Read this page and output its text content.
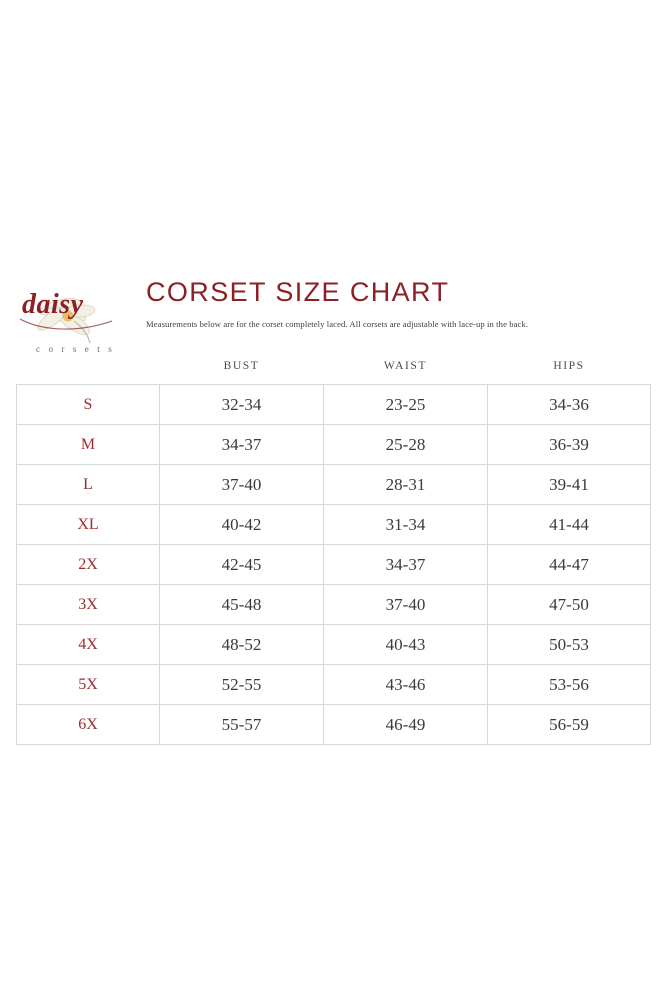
daisy
c o r s e t s
CORSET SIZE CHART
Measurements below are for the corset completely laced. All corsets are adjustable with lace-up in the back.
	BUST	WAIST	HIPS
S	32-34	23-25	34-36
M	34-37	25-28	36-39
L	37-40	28-31	39-41
XL	40-42	31-34	41-44
2X	42-45	34-37	44-47
3X	45-48	37-40	47-50
4X	48-52	40-43	50-53
5X	52-55	43-46	53-56
6X	55-57	46-49	56-59
